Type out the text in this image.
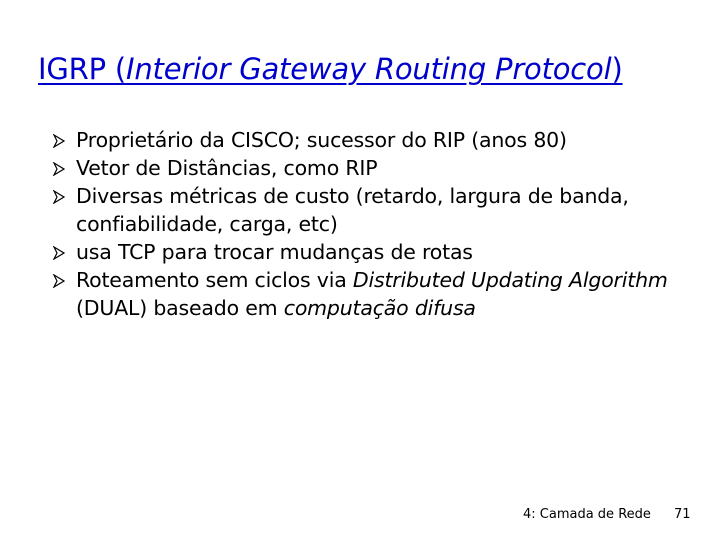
IGRP (Interior Gateway Routing Protocol)
Proprietário da CISCO; sucessor do RIP (anos 80)
Vetor de Distâncias, como RIP
Diversas métricas de custo (retardo, largura de banda, confiabilidade, carga, etc)
usa TCP para trocar mudanças de rotas
Roteamento sem ciclos via Distributed Updating Algorithm (DUAL) baseado em computação difusa
4: Camada de Rede 71
